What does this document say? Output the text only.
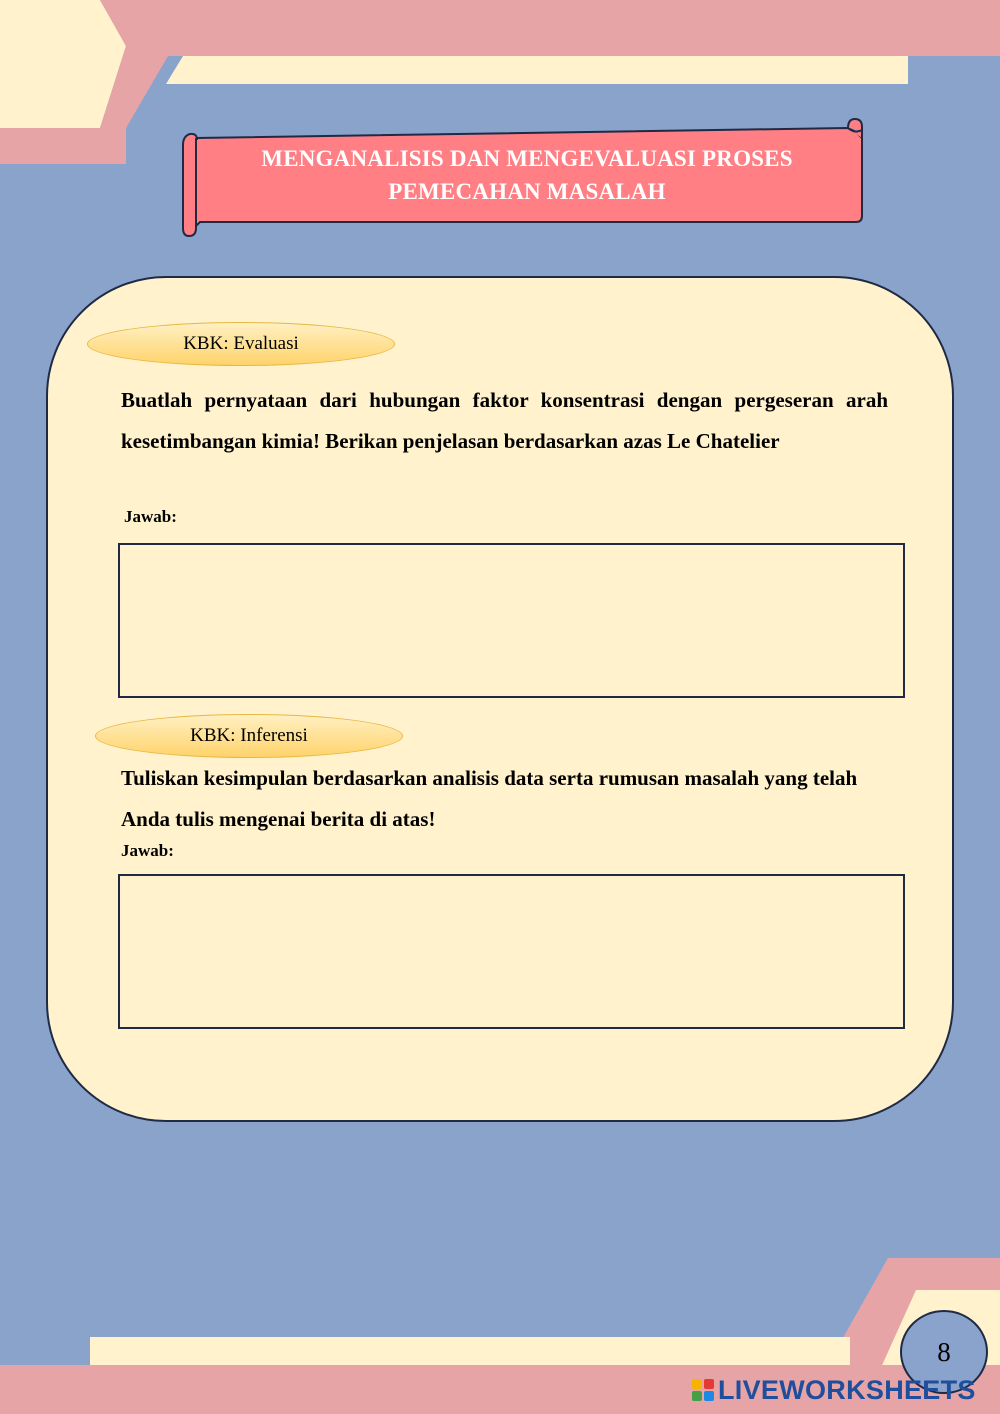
MENGANALISIS DAN MENGEVALUASI PROSES
PEMECAHAN MASALAH
KBK: Evaluasi
Buatlah pernyataan dari hubungan faktor konsentrasi dengan pergeseran arah kesetimbangan kimia! Berikan penjelasan berdasarkan azas Le Chatelier
Jawab:
KBK: Inferensi
Tuliskan kesimpulan berdasarkan analisis data serta rumusan masalah yang telah Anda tulis mengenai berita di atas!
Jawab:
8
LIVEWORKSHEETS
